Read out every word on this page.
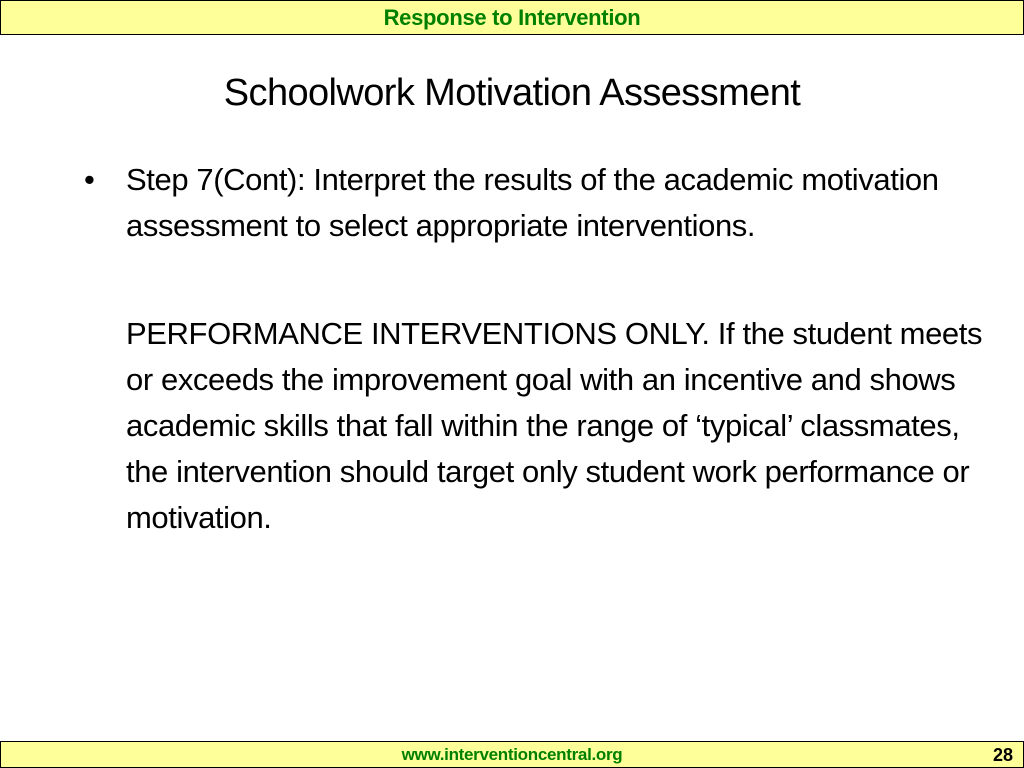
Response to Intervention
Schoolwork Motivation Assessment
•	Step 7(Cont): Interpret the results of the academic motivation assessment to select appropriate interventions.
PERFORMANCE INTERVENTIONS ONLY. If the student meets or exceeds the improvement goal with an incentive and shows academic skills that fall within the range of ‘typical’ classmates, the intervention should target only student work performance or motivation.
www.interventioncentral.org	28
